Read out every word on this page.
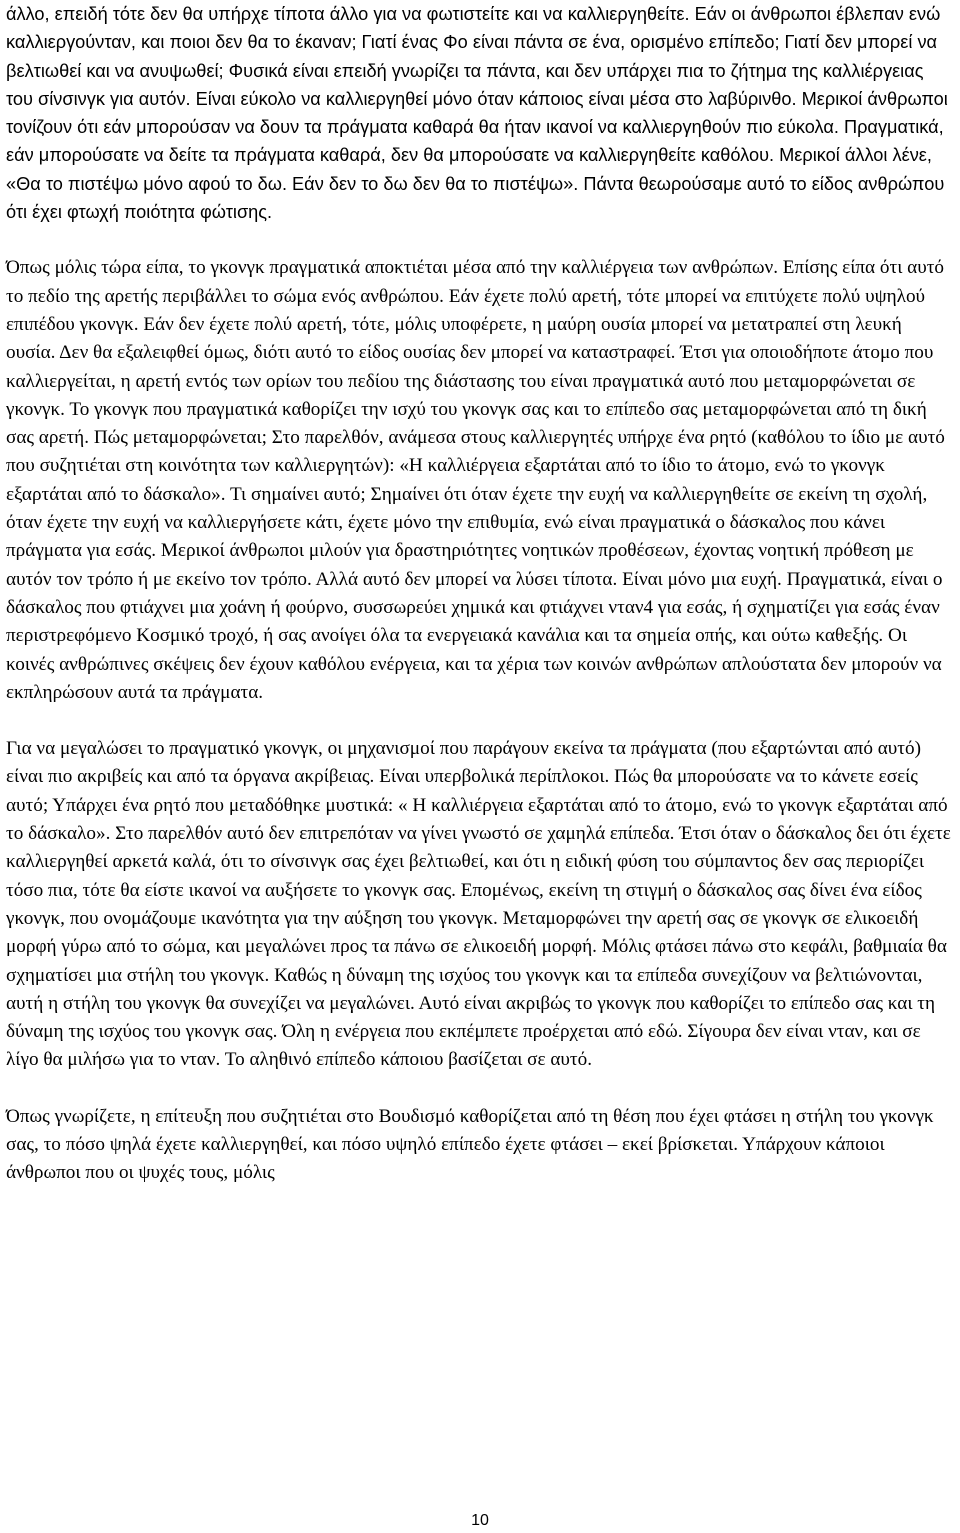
άλλο, επειδή τότε δεν θα υπήρχε τίποτα άλλο για να φωτιστείτε και να καλλιεργηθείτε. Εάν οι άνθρωποι έβλεπαν ενώ καλλιεργούνταν, και ποιοι δεν θα το έκαναν; Γιατί ένας Φο είναι πάντα σε ένα, ορισμένο επίπεδο; Γιατί δεν μπορεί να βελτιωθεί και να ανυψωθεί; Φυσικά είναι επειδή γνωρίζει τα πάντα, και δεν υπάρχει πια το ζήτημα της καλλιέργειας του σίνσινγκ για αυτόν. Είναι εύκολο να καλλιεργηθεί μόνο όταν κάποιος είναι μέσα στο λαβύρινθο. Μερικοί άνθρωποι τονίζουν ότι εάν μπορούσαν να δουν τα πράγματα καθαρά θα ήταν ικανοί να καλλιεργηθούν πιο εύκολα. Πραγματικά, εάν μπορούσατε να δείτε τα πράγματα καθαρά, δεν θα μπορούσατε να καλλιεργηθείτε καθόλου. Μερικοί άλλοι λένε, «Θα το πιστέψω μόνο αφού το δω. Εάν δεν το δω δεν θα το πιστέψω». Πάντα θεωρούσαμε αυτό το είδος ανθρώπου ότι έχει φτωχή ποιότητα φώτισης.

Όπως μόλις τώρα είπα, το γκονγκ πραγματικά αποκτιέται μέσα από την καλλιέργεια των ανθρώπων. Επίσης είπα ότι αυτό το πεδίο της αρετής περιβάλλει το σώμα ενός ανθρώπου. Εάν έχετε πολύ αρετή, τότε μπορεί να επιτύχετε πολύ υψηλού επιπέδου γκονγκ. Εάν δεν έχετε πολύ αρετή, τότε, μόλις υποφέρετε, η μαύρη ουσία μπορεί να μετατραπεί στη λευκή ουσία. Δεν θα εξαλειφθεί όμως, διότι αυτό το είδος ουσίας δεν μπορεί να καταστραφεί. Έτσι για οποιοδήποτε άτομο που καλλιεργείται, η αρετή εντός των ορίων του πεδίου της διάστασης του είναι πραγματικά αυτό που μεταμορφώνεται σε γκονγκ. Το γκονγκ που πραγματικά καθορίζει την ισχύ του γκονγκ σας και το επίπεδο σας μεταμορφώνεται από τη δική σας αρετή. Πώς μεταμορφώνεται; Στο παρελθόν, ανάμεσα στους καλλιεργητές υπήρχε ένα ρητό (καθόλου το ίδιο με αυτό που συζητιέται στη κοινότητα των καλλιεργητών): «Η καλλιέργεια εξαρτάται από το ίδιο το άτομο, ενώ το γκονγκ εξαρτάται από το δάσκαλο». Τι σημαίνει αυτό; Σημαίνει ότι όταν έχετε την ευχή να καλλιεργηθείτε σε εκείνη τη σχολή, όταν έχετε την ευχή να καλλιεργήσετε κάτι, έχετε μόνο την επιθυμία, ενώ είναι πραγματικά ο δάσκαλος που κάνει πράγματα για εσάς. Μερικοί άνθρωποι μιλούν για δραστηριότητες νοητικών προθέσεων, έχοντας νοητική πρόθεση με αυτόν τον τρόπο ή με εκείνο τον τρόπο. Αλλά αυτό δεν μπορεί να λύσει τίποτα. Είναι μόνο μια ευχή. Πραγματικά, είναι ο δάσκαλος που φτιάχνει μια χοάνη ή φούρνο, συσσωρεύει χημικά και φτιάχνει νταν4 για εσάς, ή σχηματίζει για εσάς έναν περιστρεφόμενο Κοσμικό τροχό, ή σας ανοίγει όλα τα ενεργειακά κανάλια και τα σημεία οπής, και ούτω καθεξής. Οι κοινές ανθρώπινες σκέψεις δεν έχουν καθόλου ενέργεια, και τα χέρια των κοινών ανθρώπων απλούστατα δεν μπορούν να εκπληρώσουν αυτά τα πράγματα.

Για να μεγαλώσει το πραγματικό γκονγκ, οι μηχανισμοί που παράγουν εκείνα τα πράγματα (που εξαρτώνται από αυτό) είναι πιο ακριβείς και από τα όργανα ακρίβειας. Είναι υπερβολικά περίπλοκοι. Πώς θα μπορούσατε να το κάνετε εσείς αυτό; Υπάρχει ένα ρητό που μεταδόθηκε μυστικά: « Η καλλιέργεια εξαρτάται από το άτομο, ενώ το γκονγκ εξαρτάται από το δάσκαλο». Στο παρελθόν αυτό δεν επιτρεπόταν να γίνει γνωστό σε χαμηλά επίπεδα. Έτσι όταν ο δάσκαλος δει ότι έχετε καλλιεργηθεί αρκετά καλά, ότι το σίνσινγκ σας έχει βελτιωθεί, και ότι η ειδική φύση του σύμπαντος δεν σας περιορίζει τόσο πια, τότε θα είστε ικανοί να αυξήσετε το γκονγκ σας. Επομένως, εκείνη τη στιγμή ο δάσκαλος σας δίνει ένα είδος γκονγκ, που ονομάζουμε ικανότητα για την αύξηση του γκονγκ. Μεταμορφώνει την αρετή σας σε γκονγκ σε ελικοειδή μορφή γύρω από το σώμα, και μεγαλώνει προς τα πάνω σε ελικοειδή μορφή. Μόλις φτάσει πάνω στο κεφάλι, βαθμιαία θα σχηματίσει μια στήλη του γκονγκ. Καθώς η δύναμη της ισχύος του γκονγκ και τα επίπεδα συνεχίζουν να βελτιώνονται, αυτή η στήλη του γκονγκ θα συνεχίζει να μεγαλώνει. Αυτό είναι ακριβώς το γκονγκ που καθορίζει το επίπεδο σας και τη δύναμη της ισχύος του γκονγκ σας. Όλη η ενέργεια που εκπέμπετε προέρχεται από εδώ. Σίγουρα δεν είναι νταν, και σε λίγο θα μιλήσω για το νταν. Το αληθινό επίπεδο κάποιου βασίζεται σε αυτό.

Όπως γνωρίζετε, η επίτευξη που συζητιέται στο Βουδισμό καθορίζεται από τη θέση που έχει φτάσει η στήλη του γκονγκ σας, το πόσο ψηλά έχετε καλλιεργηθεί, και πόσο υψηλό επίπεδο έχετε φτάσει – εκεί βρίσκεται. Υπάρχουν κάποιοι άνθρωποι που οι ψυχές τους, μόλις

10
